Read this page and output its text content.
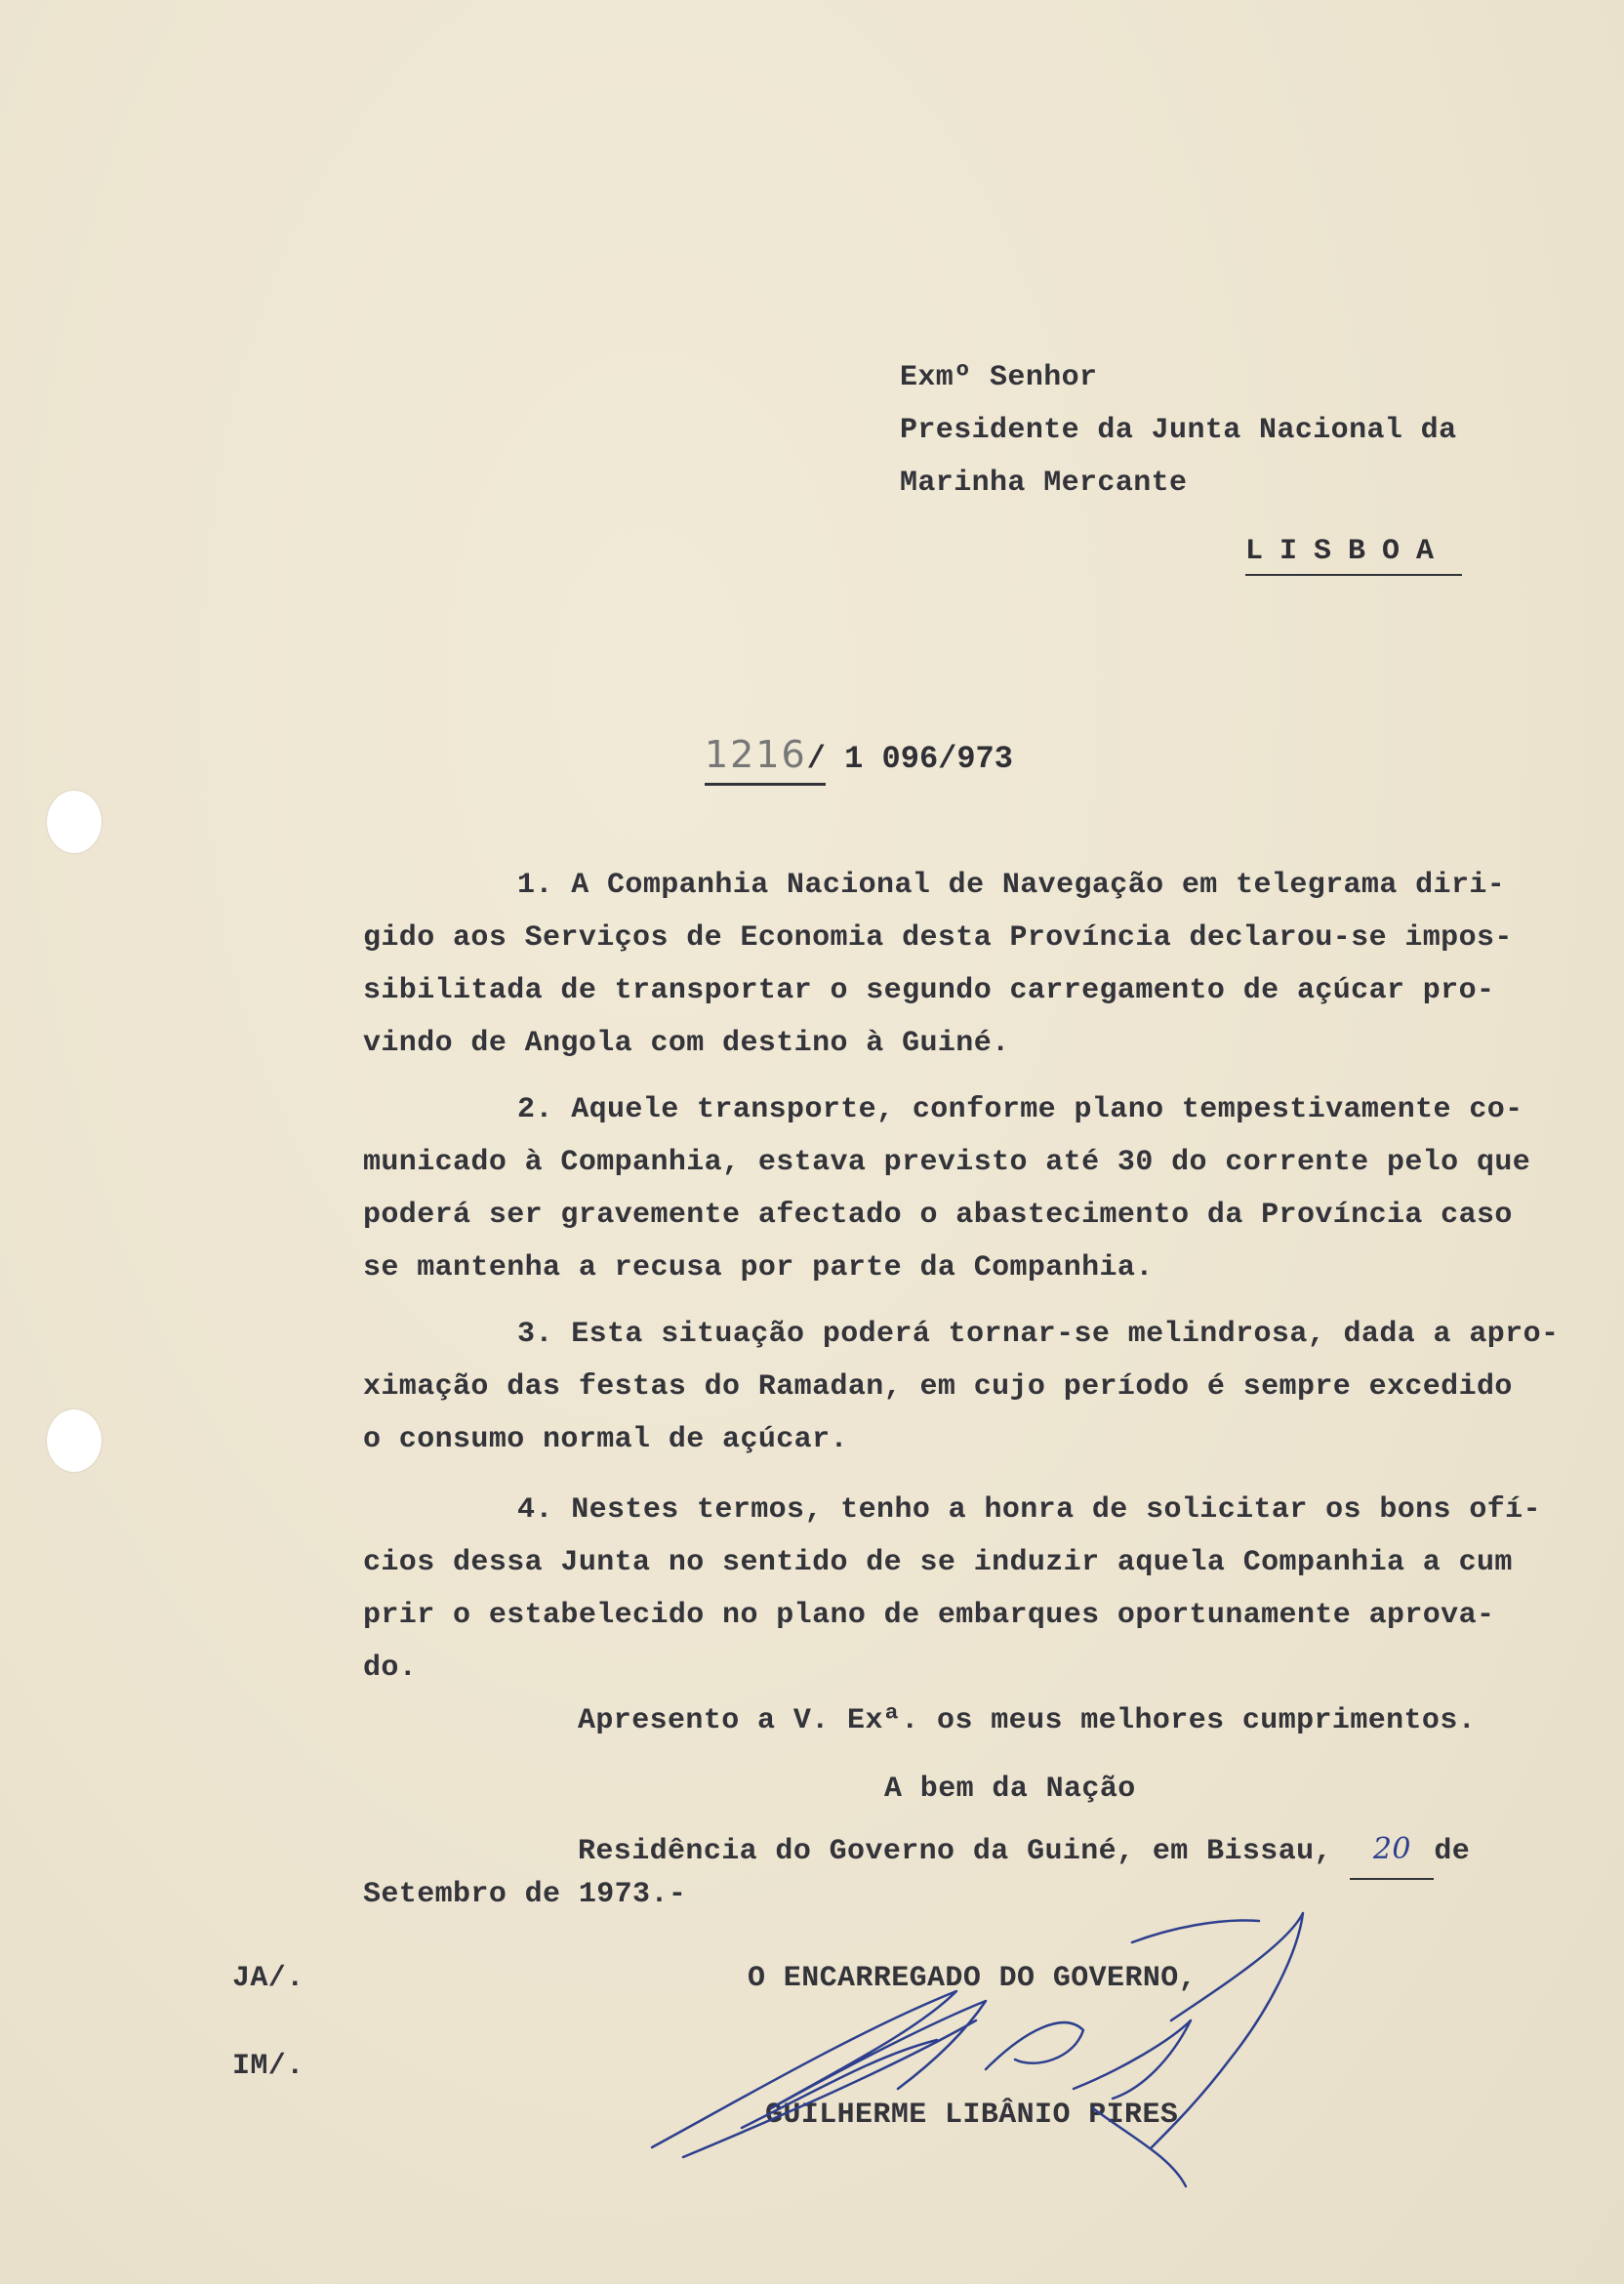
Exmº Senhor
Presidente da Junta Nacional da
Marinha Mercante
LISBOA
1216/ 1 096/973
1. A Companhia Nacional de Navegação em telegrama diri-
gido aos Serviços de Economia desta Província declarou-se impos-
sibilitada de transportar o segundo carregamento de açúcar pro-
vindo de Angola com destino à Guiné.
2. Aquele transporte, conforme plano tempestivamente co-
municado à Companhia, estava previsto até 30 do corrente pelo que
poderá ser gravemente afectado o abastecimento da Província caso
se mantenha a recusa por parte da Companhia.
3. Esta situação poderá tornar-se melindrosa, dada a apro-
ximação das festas do Ramadan, em cujo período é sempre excedido
o consumo normal de açúcar.
4. Nestes termos, tenho a honra de solicitar os bons ofí-
cios dessa Junta no sentido de se induzir aquela Companhia a cum
prir o estabelecido no plano de embarques oportunamente aprova-
do.
Apresento a V. Exª. os meus melhores cumprimentos.
A bem da Nação
Residência do Governo da Guiné, em Bissau, 20 de
Setembro de 1973.-
JA/.
IM/.
O ENCARREGADO DO GOVERNO,
GUILHERME LIBÂNIO PIRES
